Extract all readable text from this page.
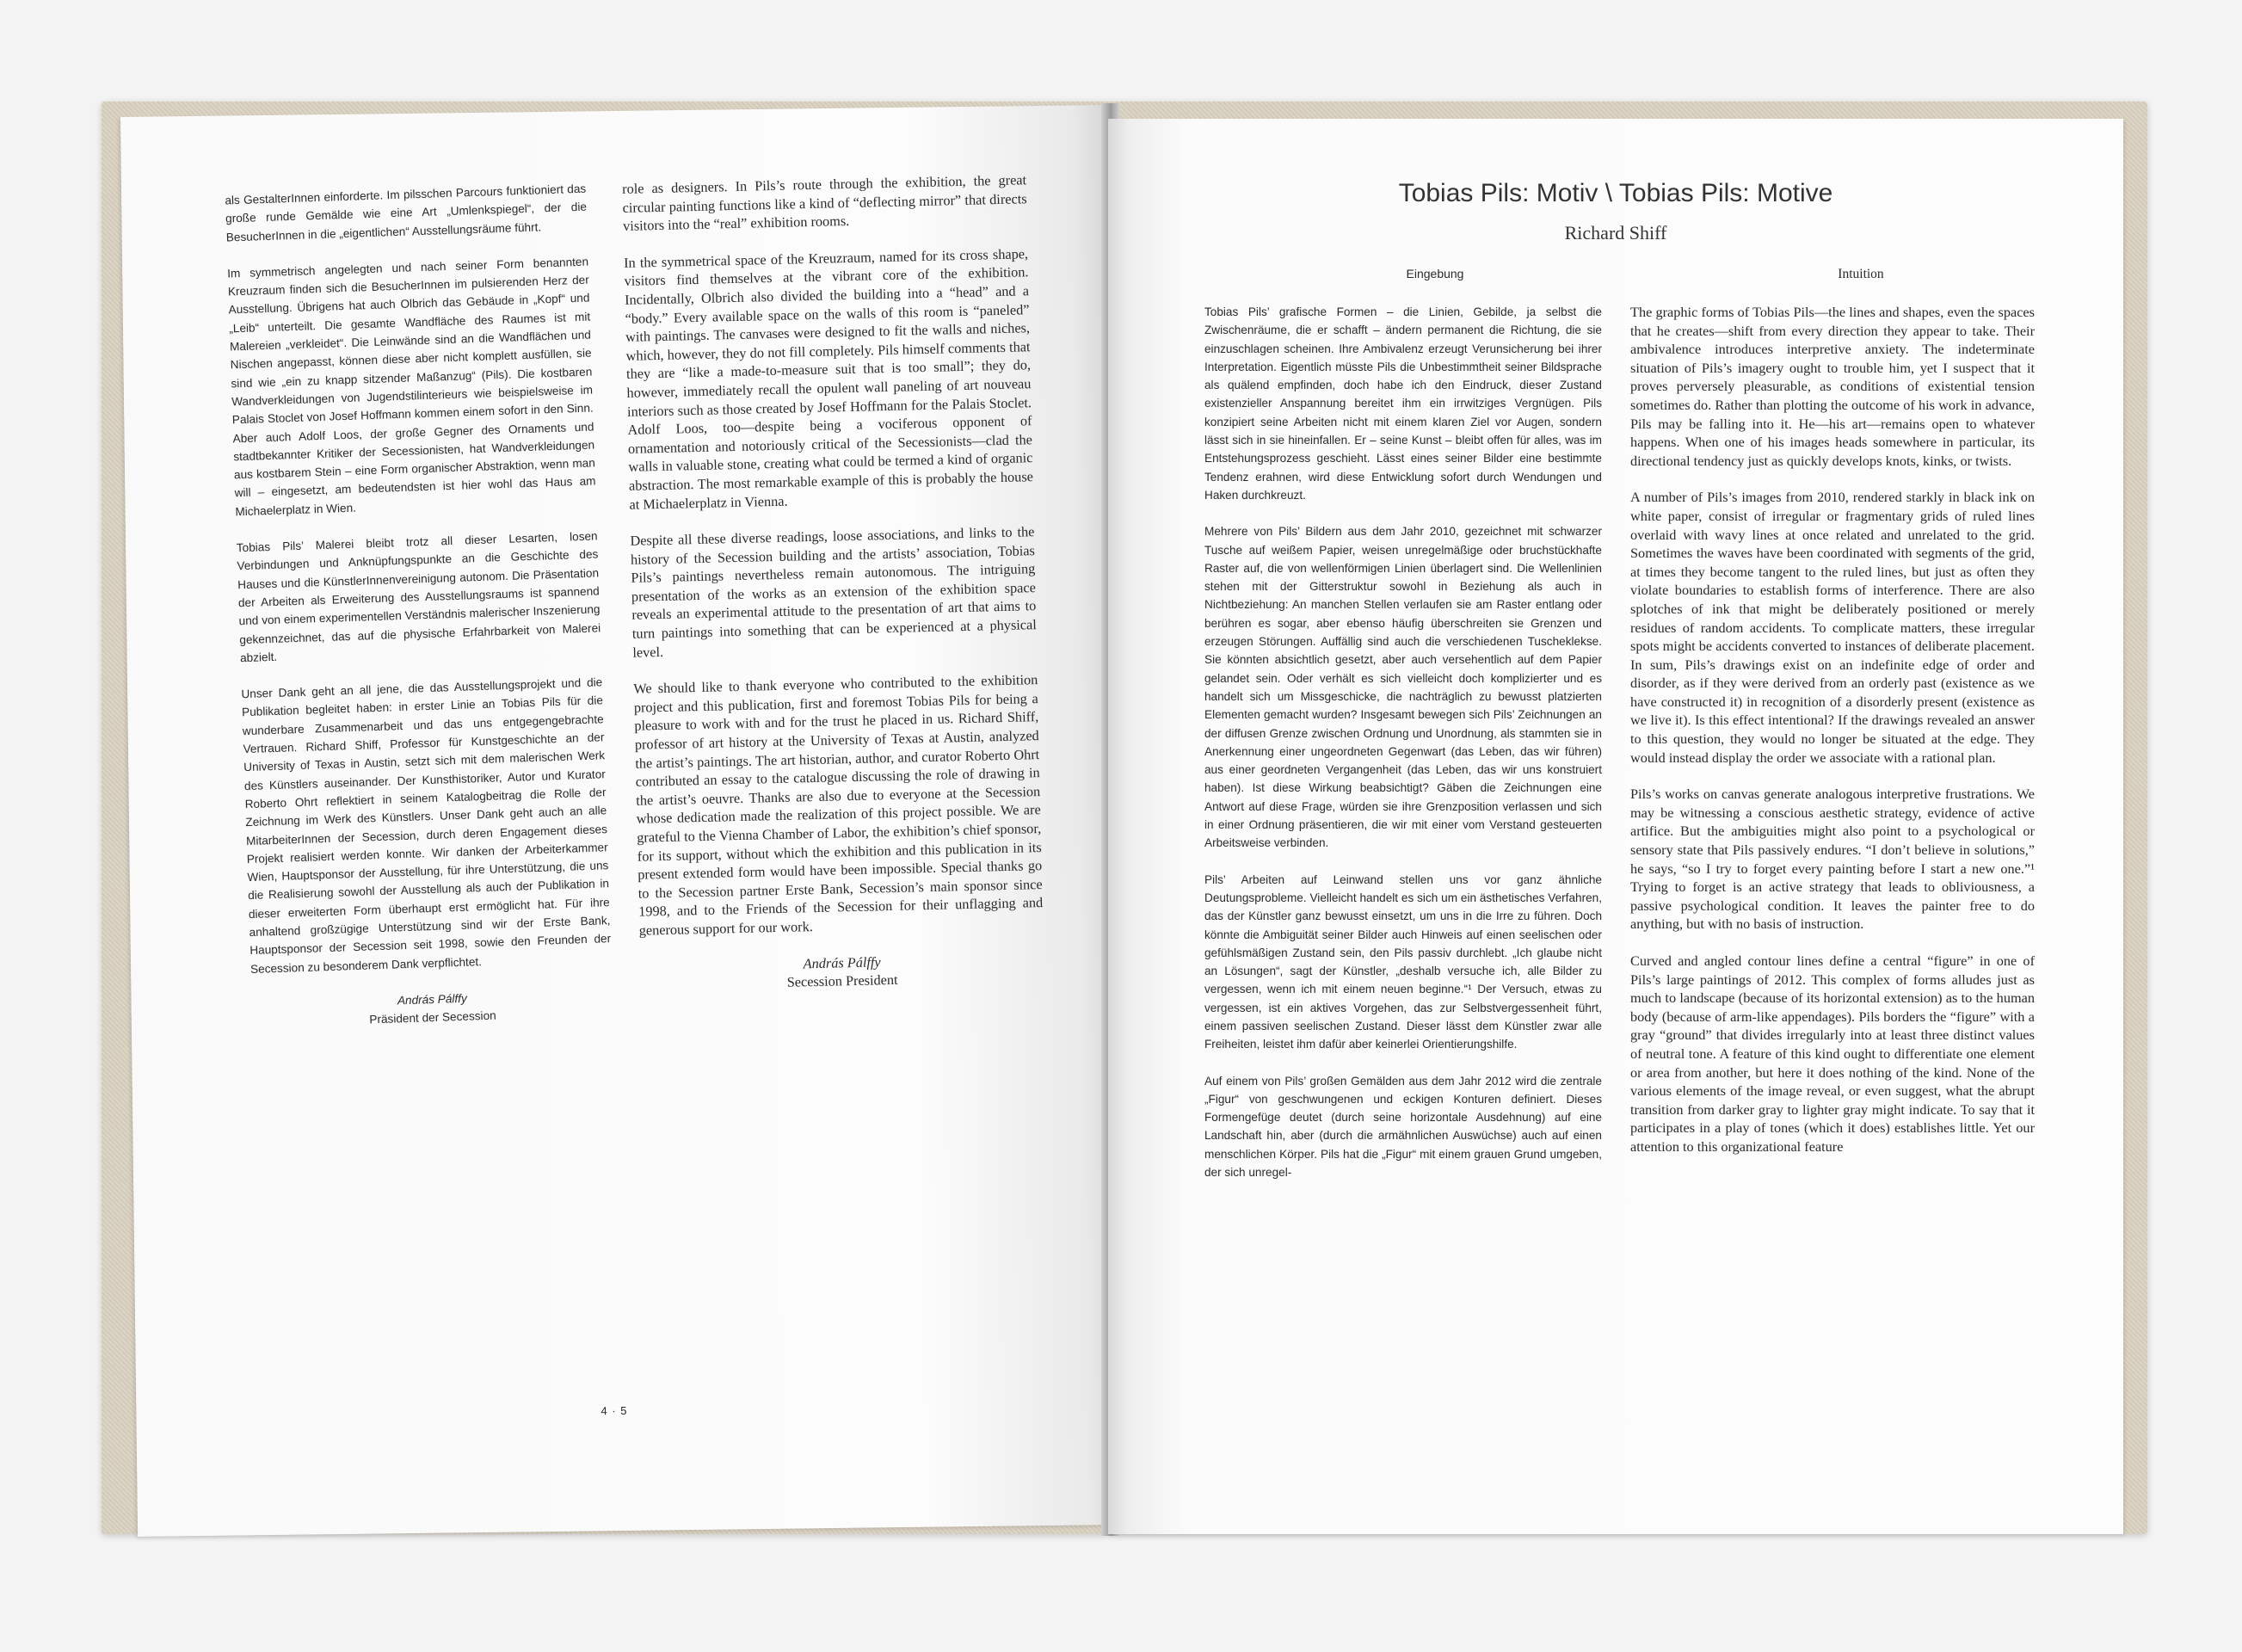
als GestalterInnen einforderte. Im pilsschen Parcours funktioniert das große runde Gemälde wie eine Art „Umlenkspiegel“, der die BesucherInnen in die „eigentlichen“ Ausstellungsräume führt.

Im symmetrisch angelegten und nach seiner Form benannten Kreuzraum finden sich die BesucherInnen im pulsierenden Herz der Ausstellung. Übrigens hat auch Olbrich das Gebäude in „Kopf“ und „Leib“ unterteilt. Die gesamte Wandfläche des Raumes ist mit Malereien „verkleidet“. Die Leinwände sind an die Wandflächen und Nischen angepasst, können diese aber nicht komplett ausfüllen, sie sind wie „ein zu knapp sitzender Maßanzug“ (Pils). Die kostbaren Wandverkleidungen von Jugendstilinterieurs wie beispielsweise im Palais Stoclet von Josef Hoffmann kommen einem sofort in den Sinn. Aber auch Adolf Loos, der große Gegner des Ornaments und stadtbekannter Kritiker der Secessionisten, hat Wandverkleidungen aus kostbarem Stein – eine Form organischer Abstraktion, wenn man will – eingesetzt, am bedeutendsten ist hier wohl das Haus am Michaelerplatz in Wien.

Tobias Pils’ Malerei bleibt trotz all dieser Lesarten, losen Verbindungen und Anknüpfungspunkte an die Geschichte des Hauses und die KünstlerInnenvereinigung autonom. Die Präsentation der Arbeiten als Erweiterung des Ausstellungsraums ist spannend und von einem experimentellen Verständnis malerischer Inszenierung gekennzeichnet, das auf die physische Erfahrbarkeit von Malerei abzielt.

Unser Dank geht an all jene, die das Ausstellungsprojekt und die Publikation begleitet haben: in erster Linie an Tobias Pils für die wunderbare Zusammenarbeit und das uns entgegengebrachte Vertrauen. Richard Shiff, Professor für Kunstgeschichte an der University of Texas in Austin, setzt sich mit dem malerischen Werk des Künstlers auseinander. Der Kunsthistoriker, Autor und Kurator Roberto Ohrt reflektiert in seinem Katalogbeitrag die Rolle der Zeichnung im Werk des Künstlers. Unser Dank geht auch an alle MitarbeiterInnen der Secession, durch deren Engagement dieses Projekt realisiert werden konnte. Wir danken der Arbeiterkammer Wien, Hauptsponsor der Ausstellung, für ihre Unterstützung, die uns die Realisierung sowohl der Ausstellung als auch der Publikation in dieser erweiterten Form überhaupt erst ermöglicht hat. Für ihre anhaltend großzügige Unterstützung sind wir der Erste Bank, Hauptsponsor der Secession seit 1998, sowie den Freunden der Secession zu besonderem Dank verpflichtet.

András Pálffy
Präsident der Secession

role as designers. In Pils’s route through the exhibition, the great circular painting functions like a kind of “deflecting mirror” that directs visitors into the “real” exhibition rooms.

In the symmetrical space of the Kreuzraum, named for its cross shape, visitors find themselves at the vibrant core of the exhibition. Incidentally, Olbrich also divided the building into a “head” and a “body.” Every available space on the walls of this room is “paneled” with paintings. The canvases were designed to fit the walls and niches, which, however, they do not fill completely. Pils himself comments that they are “like a made-to-measure suit that is too small”; they do, however, immediately recall the opulent wall paneling of art nouveau interiors such as those created by Josef Hoffmann for the Palais Stoclet. Adolf Loos, too—despite being a vociferous opponent of ornamentation and notoriously critical of the Secessionists—clad the walls in valuable stone, creating what could be termed a kind of organic abstraction. The most remarkable example of this is probably the house at Michaelerplatz in Vienna.

Despite all these diverse readings, loose associations, and links to the history of the Secession building and the artists’ association, Tobias Pils’s paintings nevertheless remain autonomous. The intriguing presentation of the works as an extension of the exhibition space reveals an experimental attitude to the presentation of art that aims to turn paintings into something that can be experienced at a physical level.

We should like to thank everyone who contributed to the exhibition project and this publication, first and foremost Tobias Pils for being a pleasure to work with and for the trust he placed in us. Richard Shiff, professor of art history at the University of Texas at Austin, analyzed the artist’s paintings. The art historian, author, and curator Roberto Ohrt contributed an essay to the catalogue discussing the role of drawing in the artist’s oeuvre. Thanks are also due to everyone at the Secession whose dedication made the realization of this project possible. We are grateful to the Vienna Chamber of Labor, the exhibition’s chief sponsor, for its support, without which the exhibition and this publication in its present extended form would have been impossible. Special thanks go to the Secession partner Erste Bank, Secession’s main sponsor since 1998, and to the Friends of the Secession for their unflagging and generous support for our work.

András Pálffy
Secession President
4 · 5
Tobias Pils: Motiv \ Tobias Pils: Motive
Richard Shiff
Eingebung	Intuition

Tobias Pils’ grafische Formen – die Linien, Gebilde, ja selbst die Zwischenräume, die er schafft – ändern permanent die Richtung, die sie einzuschlagen scheinen. Ihre Ambivalenz erzeugt Verunsicherung bei ihrer Interpretation. Eigentlich müsste Pils die Unbestimmtheit seiner Bildsprache als quälend empfinden, doch habe ich den Eindruck, dieser Zustand existenzieller Anspannung bereitet ihm ein irrwitziges Vergnügen. Pils konzipiert seine Arbeiten nicht mit einem klaren Ziel vor Augen, sondern lässt sich in sie hineinfallen. Er – seine Kunst – bleibt offen für alles, was im Entstehungsprozess geschieht. Lässt eines seiner Bilder eine bestimmte Tendenz erahnen, wird diese Entwicklung sofort durch Wendungen und Haken durchkreuzt.

Mehrere von Pils’ Bildern aus dem Jahr 2010, gezeichnet mit schwarzer Tusche auf weißem Papier, weisen unregelmäßige oder bruchstückhafte Raster auf, die von wellenförmigen Linien überlagert sind. Die Wellenlinien stehen mit der Gitterstruktur sowohl in Beziehung als auch in Nichtbeziehung: An manchen Stellen verlaufen sie am Raster entlang oder berühren es sogar, aber ebenso häufig überschreiten sie Grenzen und erzeugen Störungen. Auffällig sind auch die verschiedenen Tuscheklekse. Sie könnten absichtlich gesetzt, aber auch versehentlich auf dem Papier gelandet sein. Oder verhält es sich vielleicht doch komplizierter und es handelt sich um Missgeschicke, die nachträglich zu bewusst platzierten Elementen gemacht wurden? Insgesamt bewegen sich Pils’ Zeichnungen an der diffusen Grenze zwischen Ordnung und Unordnung, als stammten sie in Anerkennung einer ungeordneten Gegenwart (das Leben, das wir führen) aus einer geordneten Vergangenheit (das Leben, das wir uns konstruiert haben). Ist diese Wirkung beabsichtigt? Gäben die Zeichnungen eine Antwort auf diese Frage, würden sie ihre Grenzposition verlassen und sich in einer Ordnung präsentieren, die wir mit einer vom Verstand gesteuerten Arbeitsweise verbinden.

Pils’ Arbeiten auf Leinwand stellen uns vor ganz ähnliche Deutungsprobleme. Vielleicht handelt es sich um ein ästhetisches Verfahren, das der Künstler ganz bewusst einsetzt, um uns in die Irre zu führen. Doch könnte die Ambiguität seiner Bilder auch Hinweis auf einen seelischen oder gefühlsmäßigen Zustand sein, den Pils passiv durchlebt. „Ich glaube nicht an Lösungen“, sagt der Künstler, „deshalb versuche ich, alle Bilder zu vergessen, wenn ich mit einem neuen beginne.“¹ Der Versuch, etwas zu vergessen, ist ein aktives Vorgehen, das zur Selbstvergessenheit führt, einem passiven seelischen Zustand. Dieser lässt dem Künstler zwar alle Freiheiten, leistet ihm dafür aber keinerlei Orientierungshilfe.

Auf einem von Pils’ großen Gemälden aus dem Jahr 2012 wird die zentrale „Figur“ von geschwungenen und eckigen Konturen definiert. Dieses Formengefüge deutet (durch seine horizontale Ausdehnung) auf eine Landschaft hin, aber (durch die armähnlichen Auswüchse) auch auf einen menschlichen Körper. Pils hat die „Figur“ mit einem grauen Grund umgeben, der sich unregel-

The graphic forms of Tobias Pils—the lines and shapes, even the spaces that he creates—shift from every direction they appear to take. Their ambivalence introduces interpretive anxiety. The indeterminate situation of Pils’s imagery ought to trouble him, yet I suspect that it proves perversely pleasurable, as conditions of existential tension sometimes do. Rather than plotting the outcome of his work in advance, Pils may be falling into it. He—his art—remains open to whatever happens. When one of his images heads somewhere in particular, its directional tendency just as quickly develops knots, kinks, or twists.

A number of Pils’s images from 2010, rendered starkly in black ink on white paper, consist of irregular or fragmentary grids of ruled lines overlaid with wavy lines at once related and unrelated to the grid. Sometimes the waves have been coordinated with segments of the grid, at times they become tangent to the ruled lines, but just as often they violate boundaries to establish forms of interference. There are also splotches of ink that might be deliberately positioned or merely residues of random accidents. To complicate matters, these irregular spots might be accidents converted to instances of deliberate placement. In sum, Pils’s drawings exist on an indefinite edge of order and disorder, as if they were derived from an orderly past (existence as we have constructed it) in recognition of a disorderly present (existence as we live it). Is this effect intentional? If the drawings revealed an answer to this question, they would no longer be situated at the edge. They would instead display the order we associate with a rational plan.

Pils’s works on canvas generate analogous interpretive frustrations. We may be witnessing a conscious aesthetic strategy, evidence of active artifice. But the ambiguities might also point to a psychological or sensory state that Pils passively endures. “I don’t believe in solutions,” he says, “so I try to forget every painting before I start a new one.”¹ Trying to forget is an active strategy that leads to obliviousness, a passive psychological condition. It leaves the painter free to do anything, but with no basis of instruction.

Curved and angled contour lines define a central “figure” in one of Pils’s large paintings of 2012. This complex of forms alludes just as much to landscape (because of its horizontal extension) as to the human body (because of arm-like appendages). Pils borders the “figure” with a gray “ground” that divides irregularly into at least three distinct values of neutral tone. A feature of this kind ought to differentiate one element or area from another, but here it does nothing of the kind. None of the various elements of the image reveal, or even suggest, what the abrupt transition from darker gray to lighter gray might indicate. To say that it participates in a play of tones (which it does) establishes little. Yet our attention to this organizational feature
